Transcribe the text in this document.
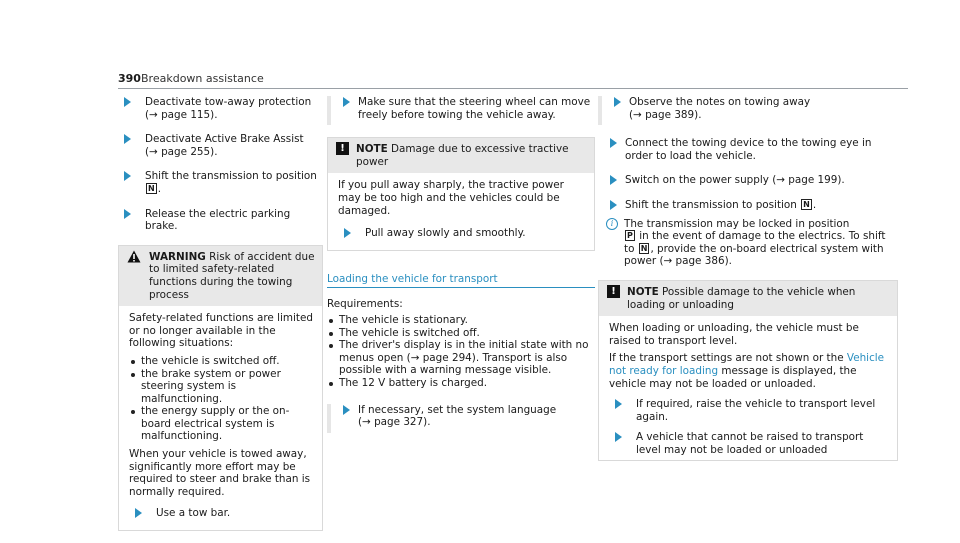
390 Breakdown assistance
Deactivate tow-away protection
(→ page 115).
Deactivate Active Brake Assist (→ page 255).
Shift the transmission to position N .
Release the electric parking brake.
WARNING Risk of accident due to limited safety-related functions during the towing process

Safety-related functions are limited or no longer available in the following situations:

the vehicle is switched off.
the brake system or power steering system is malfunctioning.
the energy supply or the on-board electrical system is malfunctioning.

When your vehicle is towed away, significantly more effort may be required to steer and brake than is normally required.

Use a tow bar.
Make sure that the steering wheel can move freely before towing the vehicle away.
!	NOTE Damage due to excessive tractive power

If you pull away sharply, the tractive power may be too high and the vehicles could be damaged.

Pull away slowly and smoothly.
Loading the vehicle for transport
Requirements:
The vehicle is stationary.
The vehicle is switched off.
The driver's display is in the initial state with no menus open (→ page 294). Transport is also possible with a warning message visible.
The 12 V battery is charged.
If necessary, set the system language
(→ page 327).
Observe the notes on towing away
(→ page 389).
Connect the towing device to the towing eye in order to load the vehicle.
Switch on the power supply (→ page 199).
Shift the transmission to position N .
i	The transmission may be locked in position
P in the event of damage to the electrics. To shift to N , provide the on-board electrical system with power (→ page 386).
!	NOTE Possible damage to the vehicle when loading or unloading

When loading or unloading, the vehicle must be raised to transport level.

If the transport settings are not shown or the Vehicle not ready for loading message is displayed, the vehicle may not be loaded or unloaded.

If required, raise the vehicle to transport level again.
A vehicle that cannot be raised to transport level may not be loaded or unloaded
